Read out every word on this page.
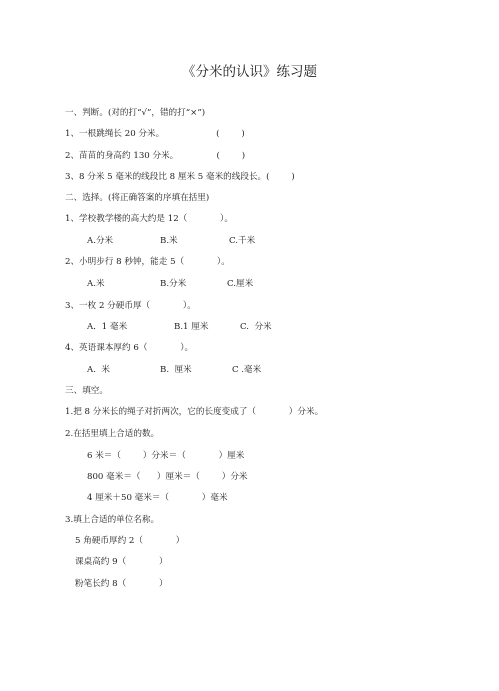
《分米的认识》练习题
一、判断。(对的打“√”，错的打“×”)
1、一根跳绳长 20 分米。                   (        )
2、苗苗的身高约 130 分米。              (        )
3、8 分米 5 毫米的线段比 8 厘米 5 毫米的线段长。(        )
二、选择。(将正确答案的序填在括里)
1、学校教学楼的高大约是 12（            ）。
A.分米	B.米	C.千米
2、小明步行 8 秒钟，能走 5（            ）。
A.米	B.分米	C.厘米
3、一枚 2 分硬币厚（            ）。
A．1 毫米	B.1 厘米	C.  分米
4、英语课本厚约 6（            ）。
A.  米	B.  厘米	C .毫米
三、填空。
1.把 8 分米长的绳子对折两次，它的长度变成了（            ）分米。
2.在括里填上合适的数。
6 米＝（        ）分米＝（            ）厘米
800 毫米＝（      ）厘米＝（        ）分米
4 厘米＋50 毫米＝（            ）毫米
3.填上合适的单位名称。
5 角硬币厚约 2（            ）
课桌高约 9（            ）
粉笔长约 8（            ）
